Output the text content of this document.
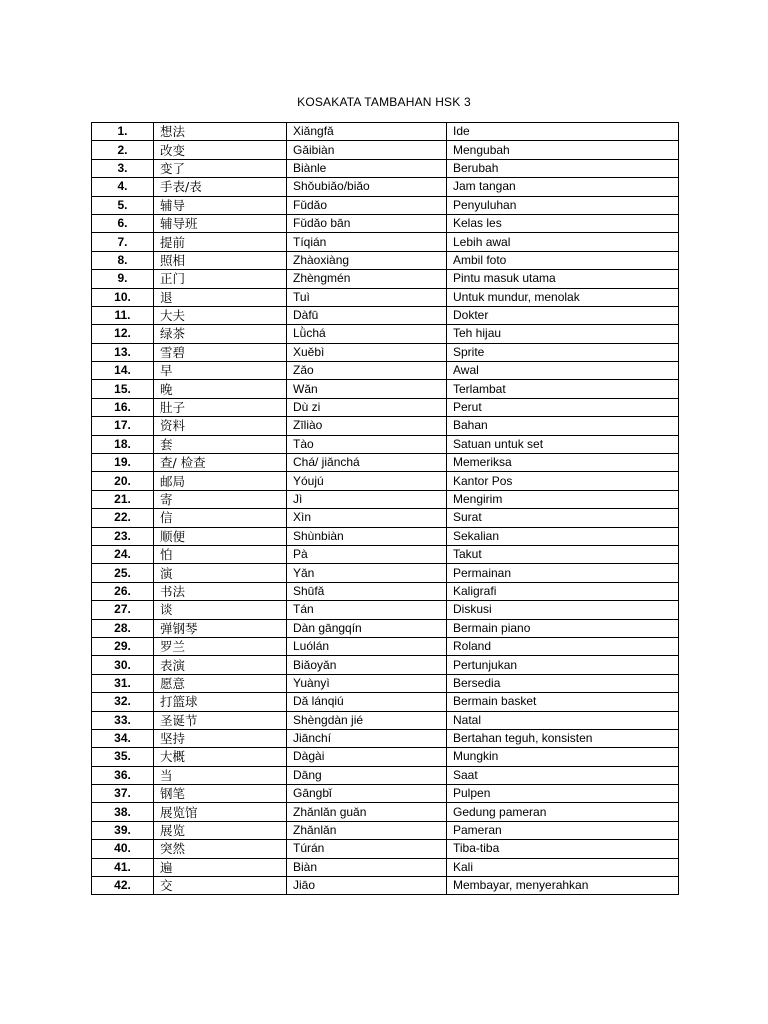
KOSAKATA TAMBAHAN HSK 3
1.	想法	Xiǎngfǎ	Ide
2.	改变	Gǎibiàn	Mengubah
3.	变了	Biànle	Berubah
4.	手表/表	Shǒubiǎo/biǎo	Jam tangan
5.	辅导	Fǔdǎo	Penyuluhan
6.	辅导班	Fǔdǎo bān	Kelas les
7.	提前	Tíqián	Lebih awal
8.	照相	Zhàoxiàng	Ambil foto
9.	正门	Zhèngmén	Pintu masuk utama
10.	退	Tuì	Untuk mundur, menolak
11.	大夫	Dàfū	Dokter
12.	绿茶	Lǜchá	Teh hijau
13.	雪碧	Xuěbì	Sprite
14.	早	Zǎo	Awal
15.	晚	Wǎn	Terlambat
16.	肚子	Dù zi	Perut
17.	资料	Zīliào	Bahan
18.	套	Tào	Satuan untuk set
19.	查/ 检查	Chá/ jiǎnchá	Memeriksa
20.	邮局	Yóujú	Kantor Pos
21.	寄	Jì	Mengirim
22.	信	Xìn	Surat
23.	顺便	Shùnbiàn	Sekalian
24.	怕	Pà	Takut
25.	演	Yǎn	Permainan
26.	书法	Shūfǎ	Kaligrafi
27.	谈	Tán	Diskusi
28.	弹钢琴	Dàn gāngqín	Bermain piano
29.	罗兰	Luólán	Roland
30.	表演	Biǎoyǎn	Pertunjukan
31.	愿意	Yuànyì	Bersedia
32.	打篮球	Dǎ lánqiú	Bermain basket
33.	圣诞节	Shèngdàn jié	Natal
34.	坚持	Jiānchí	Bertahan teguh, konsisten
35.	大概	Dàgài	Mungkin
36.	当	Dāng	Saat
37.	钢笔	Gāngbǐ	Pulpen
38.	展览馆	Zhǎnlǎn guǎn	Gedung pameran
39.	展览	Zhǎnlǎn	Pameran
40.	突然	Túrán	Tiba-tiba
41.	遍	Biàn	Kali
42.	交	Jiāo	Membayar, menyerahkan
